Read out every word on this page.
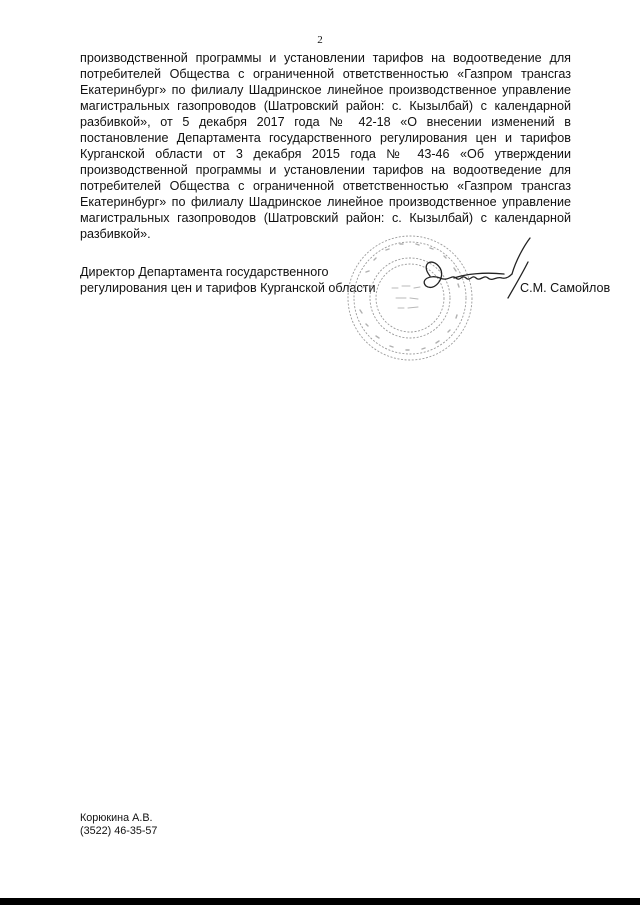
2

производственной программы и установлении тарифов на водоотведение для потребителей Общества с ограниченной ответственностью «Газпром трансгаз Екатеринбург» по филиалу Шадринское линейное производственное управление магистральных газопроводов (Шатровский район: с. Кызылбай) с календарной разбивкой», от 5 декабря 2017 года № 42-18 «О внесении изменений в постановление Департамента государственного регулирования цен и тарифов Курганской области от 3 декабря 2015 года № 43-46 «Об утверждении производственной программы и установлении тарифов на водоотведение для потребителей Общества с ограниченной ответственностью «Газпром трансгаз Екатеринбург» по филиалу Шадринское линейное производственное управление магистральных газопроводов (Шатровский район: с. Кызылбай) с календарной разбивкой».

Директор Департамента государственного
регулирования цен и тарифов Курганской области	С.М. Самойлов
Корюкина А.В.
(3522) 46-35-57
